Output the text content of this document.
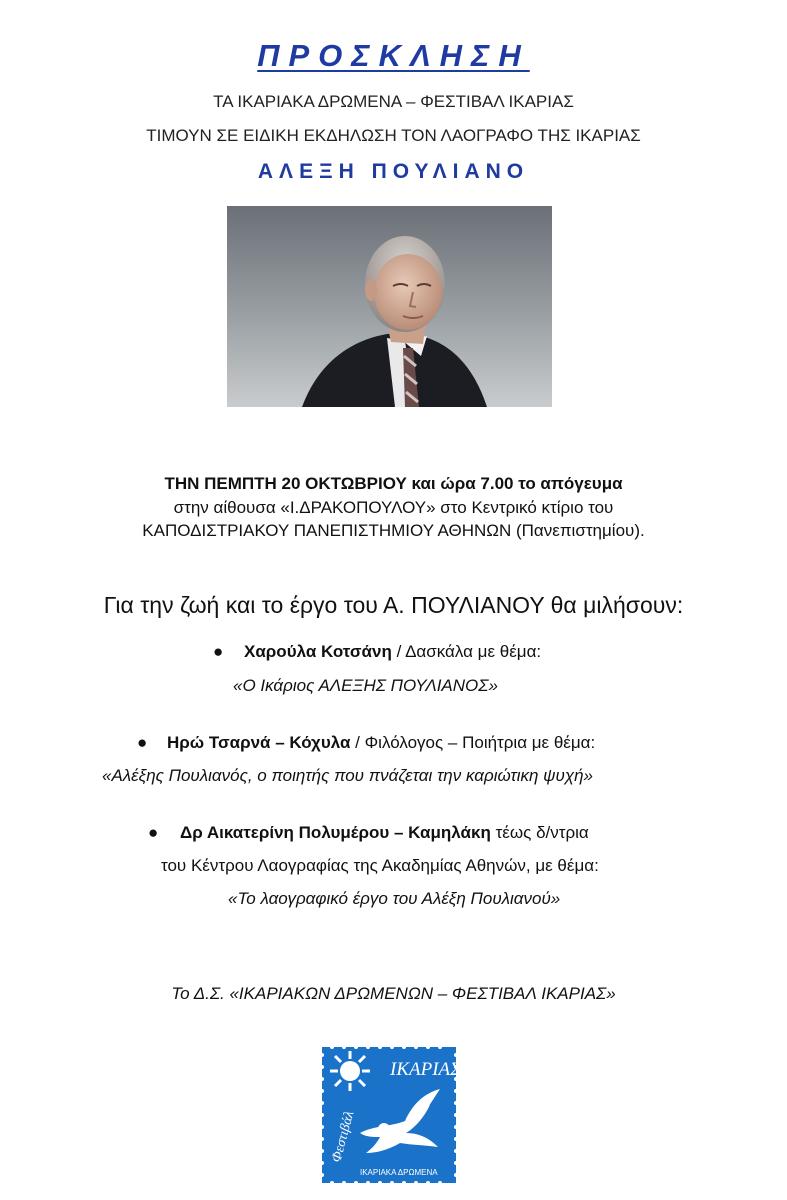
ΠΡΟΣΚΛΗΣΗ
ΤΑ ΙΚΑΡΙΑΚΑ ΔΡΩΜΕΝΑ – ΦΕΣΤΙΒΑΛ ΙΚΑΡΙΑΣ
ΤΙΜΟΥΝ ΣΕ ΕΙΔΙΚΗ ΕΚΔΗΛΩΣΗ ΤΟΝ ΛΑΟΓΡΑΦΟ ΤΗΣ ΙΚΑΡΙΑΣ
ΑΛΕΞΗ ΠΟΥΛΙΑΝΟ
ΤΗΝ ΠΕΜΠΤΗ 20 ΟΚΤΩΒΡΙΟΥ και ώρα 7.00 το απόγευμα
στην αίθουσα «Ι.ΔΡΑΚΟΠΟΥΛΟΥ» στο Κεντρικό κτίριο του
ΚΑΠΟΔΙΣΤΡΙΑΚΟΥ ΠΑΝΕΠΙΣΤΗΜΙΟΥ ΑΘΗΝΩΝ (Πανεπιστημίου).
Για την ζωή και το έργο του Α. ΠΟΥΛΙΑΝΟΥ θα μιλήσουν:
● Χαρούλα Κοτσάνη / Δασκάλα με θέμα:
«Ο Ικάριος ΑΛΕΞΗΣ ΠΟΥΛΙΑΝΟΣ»
● Ηρώ Τσαρνά – Κόχυλα / Φιλόλογος – Ποιήτρια με θέμα:
«Αλέξης Πουλιανός, ο ποιητής που πνάζεται την καριώτικη ψυχή»
● Δρ Αικατερίνη Πολυμέρου – Καμηλάκη τέως δ/ντρια
του Κέντρου Λαογραφίας της Ακαδημίας Αθηνών, με θέμα:
«Το λαογραφικό έργο του Αλέξη Πουλιανού»
Το Δ.Σ. «ΙΚΑΡΙΑΚΩΝ ΔΡΩΜΕΝΩΝ – ΦΕΣΤΙΒΑΛ ΙΚΑΡΙΑΣ»
ΙΚΑΡΙΑΣ
Φεστιβάλ
ΙΚΑΡΙΑΚΑ ΔΡΩΜΕΝΑ
